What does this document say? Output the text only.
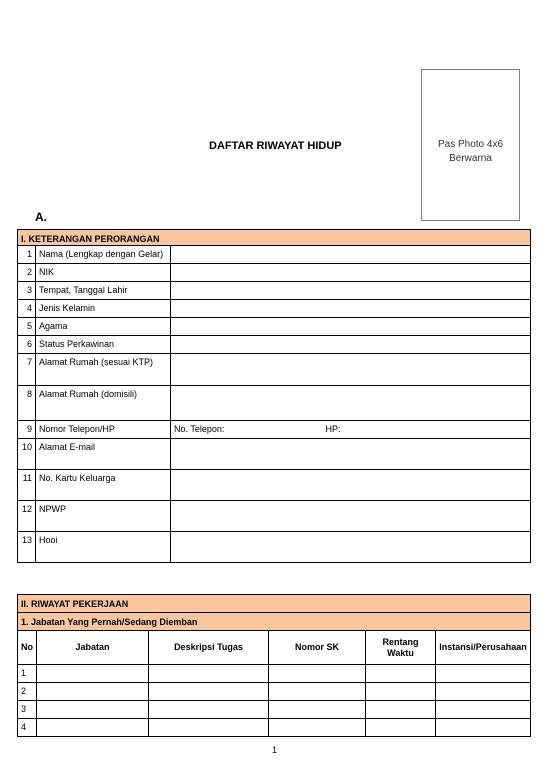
Pas Photo 4x6
Berwarna
DAFTAR RIWAYAT HIDUP
A.
I. KETERANGAN PERORANGAN			
1	Nama (Lengkap dengan Gelar)		
2	NIK		
3	Tempat, Tanggal Lahir		
4	Jenis Kelamin		
5	Agama		
6	Status Perkawinan		
7	Alamat Rumah (sesuai KTP)		
8	Alamat Rumah (domisili)		
9	Nomor Telepon/HP	No. Telepon:	HP:
10	Alamat E-mail		
11	No. Kartu Keluarga		
12	NPWP		
13	Hooi		
II. RIWAYAT PEKERJAAN					
1. Jabatan Yang Pernah/Sedang Diemban					
No	Jabatan	Deskripsi Tugas	Nomor SK	Rentang Waktu	Instansi/Perusahaan
1					
2					
3					
4					
1
